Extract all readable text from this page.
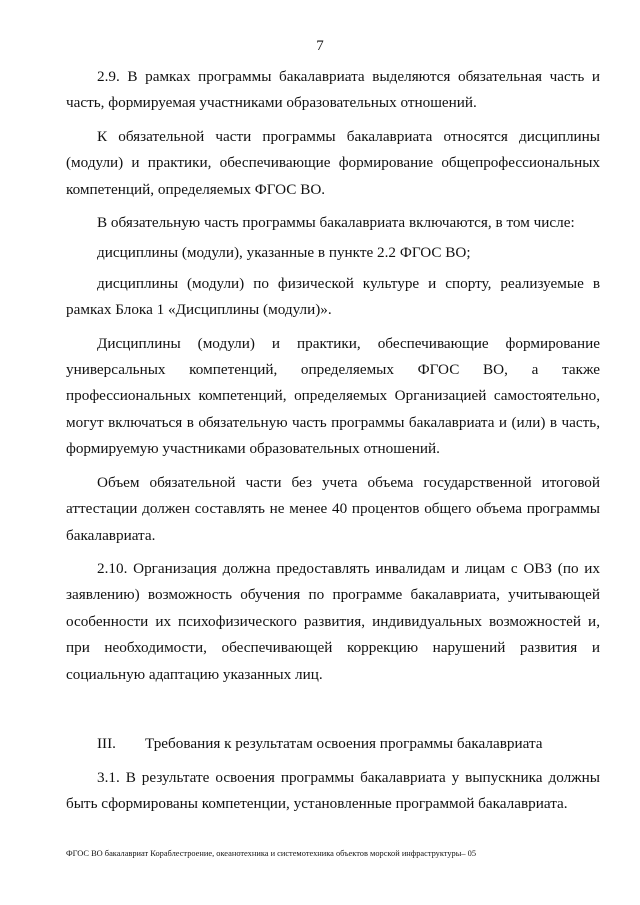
7

2.9. В рамках программы бакалавриата выделяются обязательная часть и часть, формируемая участниками образовательных отношений.

К обязательной части программы бакалавриата относятся дисциплины (модули) и практики, обеспечивающие формирование общепрофессиональных компетенций, определяемых ФГОС ВО.

В обязательную часть программы бакалавриата включаются, в том числе:

дисциплины (модули), указанные в пункте 2.2 ФГОС ВО;

дисциплины (модули) по физической культуре и спорту, реализуемые в рамках Блока 1 «Дисциплины (модули)».

Дисциплины (модули) и практики, обеспечивающие формирование универсальных компетенций, определяемых ФГОС ВО, а также профессиональных компетенций, определяемых Организацией самостоятельно, могут включаться в обязательную часть программы бакалавриата и (или) в часть, формируемую участниками образовательных отношений.

Объем обязательной части без учета объема государственной итоговой аттестации должен составлять не менее 40 процентов общего объема программы бакалавриата.

2.10. Организация должна предоставлять инвалидам и лицам с ОВЗ (по их заявлению) возможность обучения по программе бакалавриата, учитывающей особенности их психофизического развития, индивидуальных возможностей и, при необходимости, обеспечивающей коррекцию нарушений развития и социальную адаптацию указанных лиц.

III. Требования к результатам освоения программы бакалавриата

3.1. В результате освоения программы бакалавриата у выпускника должны быть сформированы компетенции, установленные программой бакалавриата.

ФГОС ВО бакалавриат Кораблестроение, океанотехника и системотехника объектов морской инфраструктуры– 05
